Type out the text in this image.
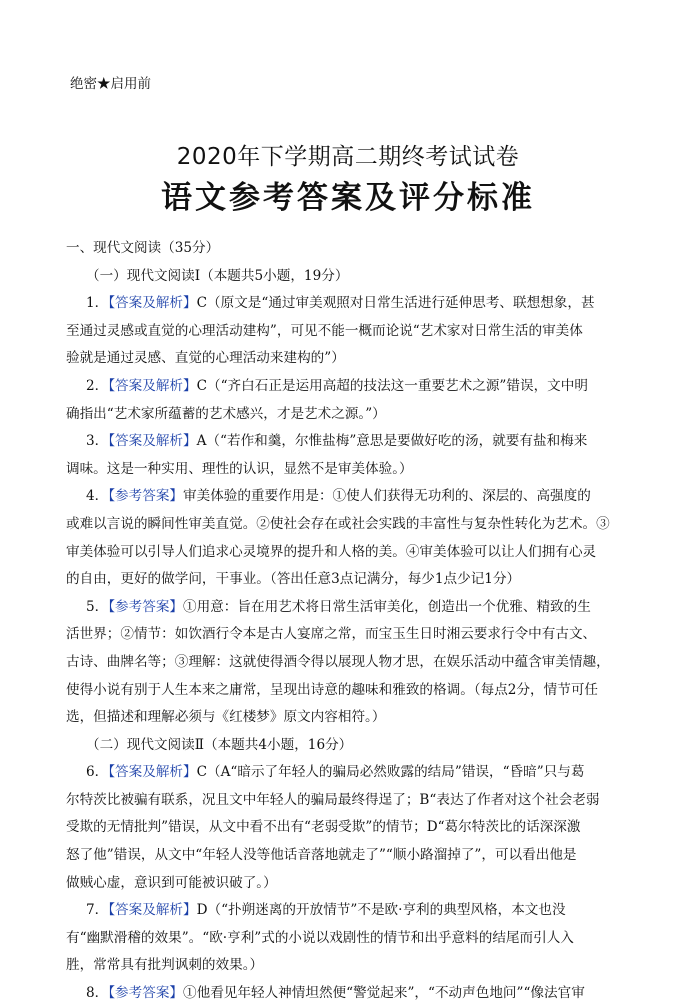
绝密★启用前
2020年下学期高二期终考试试卷
语文参考答案及评分标准
一、现代文阅读（35分）
（一）现代文阅读Ⅰ（本题共5小题，19分）
1．【答案及解析】C（原文是“通过审美观照对日常生活进行延伸思考、联想想象，甚
至通过灵感或直觉的心理活动建构”，可见不能一概而论说“艺术家对日常生活的审美体
验就是通过灵感、直觉的心理活动来建构的”）
2．【答案及解析】C（“齐白石正是运用高超的技法这一重要艺术之源”错误，文中明
确指出“艺术家所蕴蓄的艺术感兴，才是艺术之源。”）
3．【答案及解析】A（“若作和羹，尔惟盐梅”意思是要做好吃的汤，就要有盐和梅来
调味。这是一种实用、理性的认识，显然不是审美体验。）
4．【参考答案】审美体验的重要作用是：①使人们获得无功利的、深层的、高强度的
或难以言说的瞬间性审美直觉。②使社会存在或社会实践的丰富性与复杂性转化为艺术。③
审美体验可以引导人们追求心灵境界的提升和人格的美。④审美体验可以让人们拥有心灵
的自由，更好的做学问，干事业。（答出任意3点记满分，每少1点少记1分）
5．【参考答案】①用意：旨在用艺术将日常生活审美化，创造出一个优雅、精致的生
活世界；②情节：如饮酒行令本是古人宴席之常，而宝玉生日时湘云要求行令中有古文、
古诗、曲牌名等；③理解：这就使得酒令得以展现人物才思，在娱乐活动中蕴含审美情趣，
使得小说有别于人生本来之庸常，呈现出诗意的趣味和雅致的格调。（每点2分，情节可任
选，但描述和理解必须与《红楼梦》原文内容相符。）
（二）现代文阅读Ⅱ（本题共4小题，16分）
6．【答案及解析】C（A“暗示了年轻人的骗局必然败露的结局”错误，“昏暗”只与葛
尔特茨比被骗有联系，况且文中年轻人的骗局最终得逞了；B“表达了作者对这个社会老弱
受欺的无情批判”错误，从文中看不出有“老弱受欺”的情节；D“葛尔特茨比的话深深激
怒了他”错误，从文中“年轻人没等他话音落地就走了”“顺小路溜掉了”，可以看出他是
做贼心虚，意识到可能被识破了。）
7．【答案及解析】D（“扑朔迷离的开放情节”不是欧·亨利的典型风格，本文也没
有“幽默滑稽的效果”。“欧·亨利”式的小说以戏剧性的情节和出乎意料的结尾而引人入
胜，常常具有批判讽刺的效果。）
8．【参考答案】①他看见年轻人神情坦然便“警觉起来”，“不动声色地问”“像法官审
